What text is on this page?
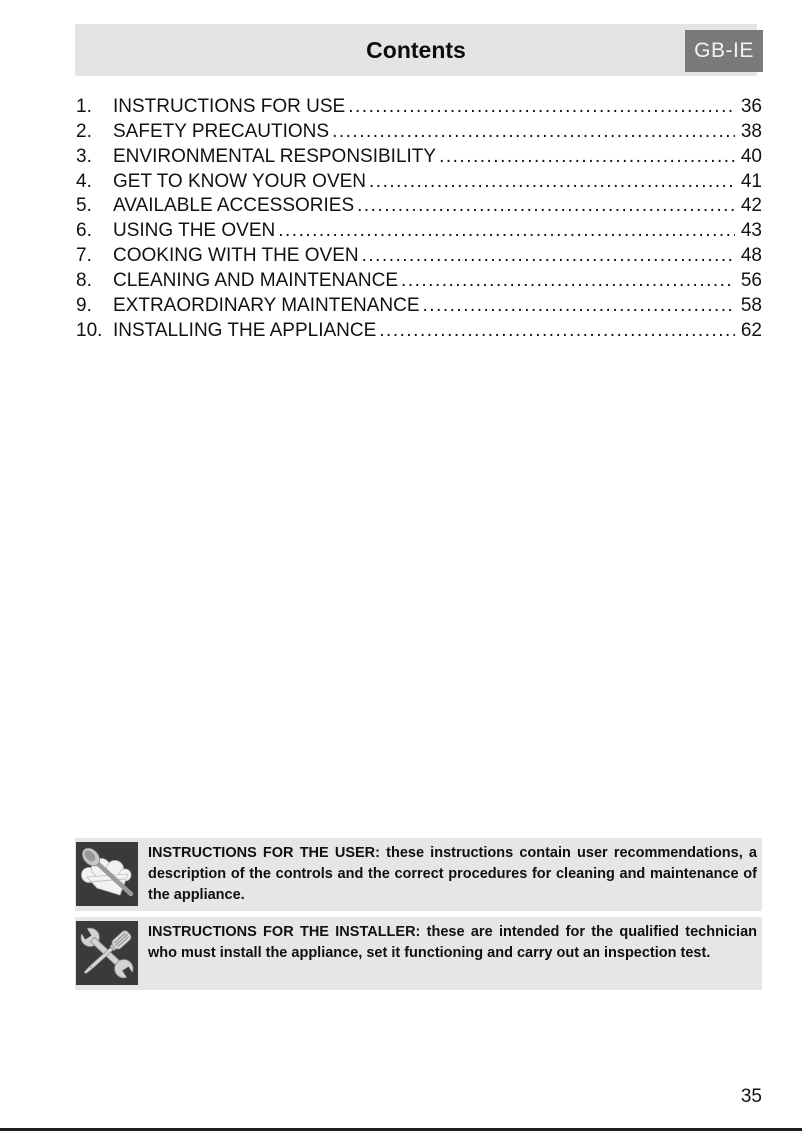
Contents	GB-IE
1.	INSTRUCTIONS FOR USE .....	36
2.	SAFETY PRECAUTIONS .....	38
3.	ENVIRONMENTAL RESPONSIBILITY .....	40
4.	GET TO KNOW YOUR OVEN .....	41
5.	AVAILABLE ACCESSORIES .....	42
6.	USING THE OVEN .....	43
7.	COOKING WITH THE OVEN .....	48
8.	CLEANING AND MAINTENANCE .....	56
9.	EXTRAORDINARY MAINTENANCE .....	58
10. INSTALLING THE APPLIANCE .....	62

INSTRUCTIONS FOR THE USER: these instructions contain user recommendations, a description of the controls and the correct procedures for cleaning and maintenance of the appliance.

INSTRUCTIONS FOR THE INSTALLER: these are intended for the qualified technician who must install the appliance, set it functioning and carry out an inspection test.

35
